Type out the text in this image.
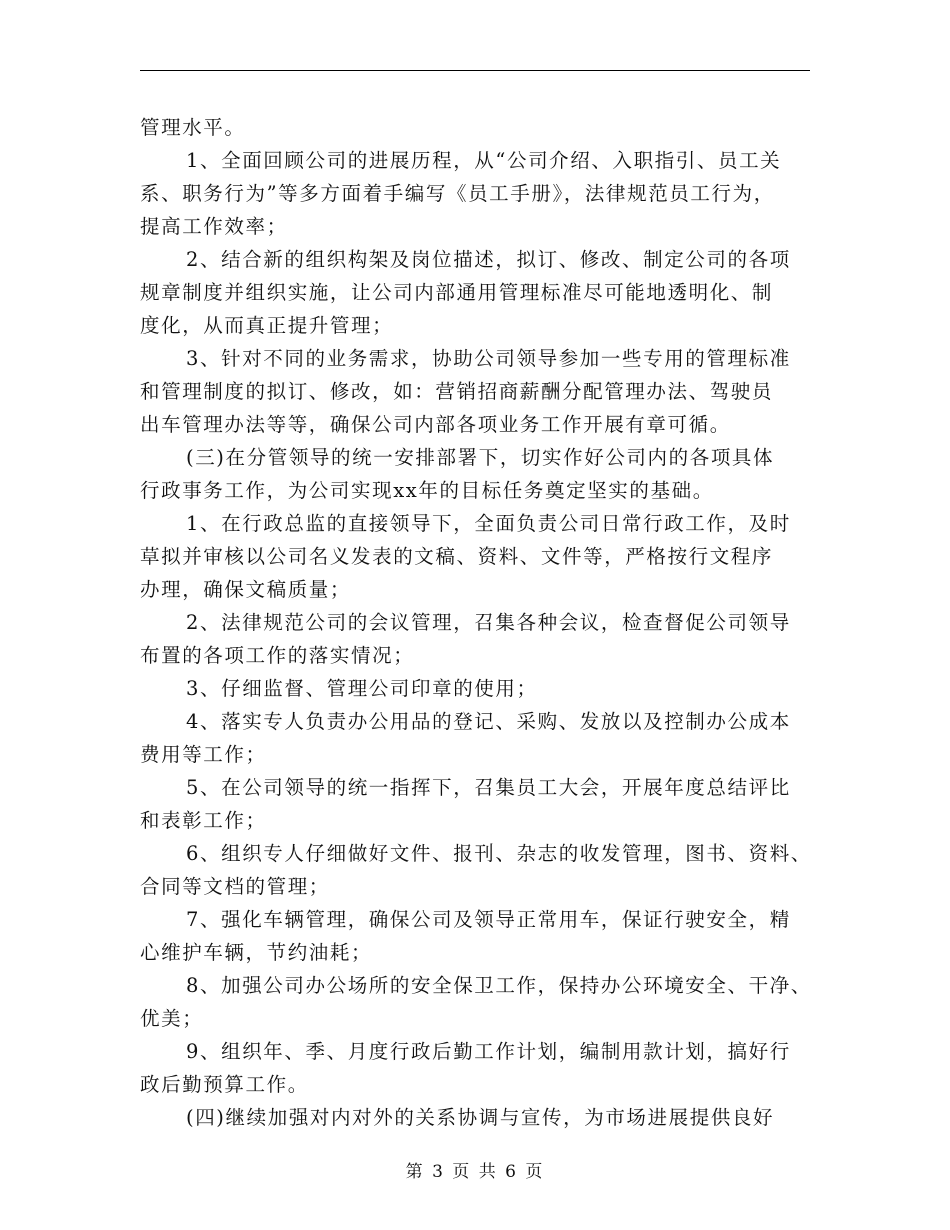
管理水平。
1、全面回顾公司的进展历程，从“公司介绍、入职指引、员工关
系、职务行为”等多方面着手编写《员工手册》，法律规范员工行为，
提高工作效率；
2、结合新的组织构架及岗位描述，拟订、修改、制定公司的各项
规章制度并组织实施，让公司内部通用管理标准尽可能地透明化、制
度化，从而真正提升管理；
3、针对不同的业务需求，协助公司领导参加一些专用的管理标准
和管理制度的拟订、修改，如：营销招商薪酬分配管理办法、驾驶员
出车管理办法等等，确保公司内部各项业务工作开展有章可循。
(三)在分管领导的统一安排部署下，切实作好公司内的各项具体
行政事务工作，为公司实现xx年的目标任务奠定坚实的基础。
1、在行政总监的直接领导下，全面负责公司日常行政工作，及时
草拟并审核以公司名义发表的文稿、资料、文件等，严格按行文程序
办理，确保文稿质量；
2、法律规范公司的会议管理，召集各种会议，检查督促公司领导
布置的各项工作的落实情况；
3、仔细监督、管理公司印章的使用；
4、落实专人负责办公用品的登记、采购、发放以及控制办公成本
费用等工作；
5、在公司领导的统一指挥下，召集员工大会，开展年度总结评比
和表彰工作；
6、组织专人仔细做好文件、报刊、杂志的收发管理，图书、资料、
合同等文档的管理；
7、强化车辆管理，确保公司及领导正常用车，保证行驶安全，精
心维护车辆，节约油耗；
8、加强公司办公场所的安全保卫工作，保持办公环境安全、干净、
优美；
9、组织年、季、月度行政后勤工作计划，编制用款计划，搞好行
政后勤预算工作。
(四)继续加强对内对外的关系协调与宣传，为市场进展提供良好
第 3 页 共 6 页
